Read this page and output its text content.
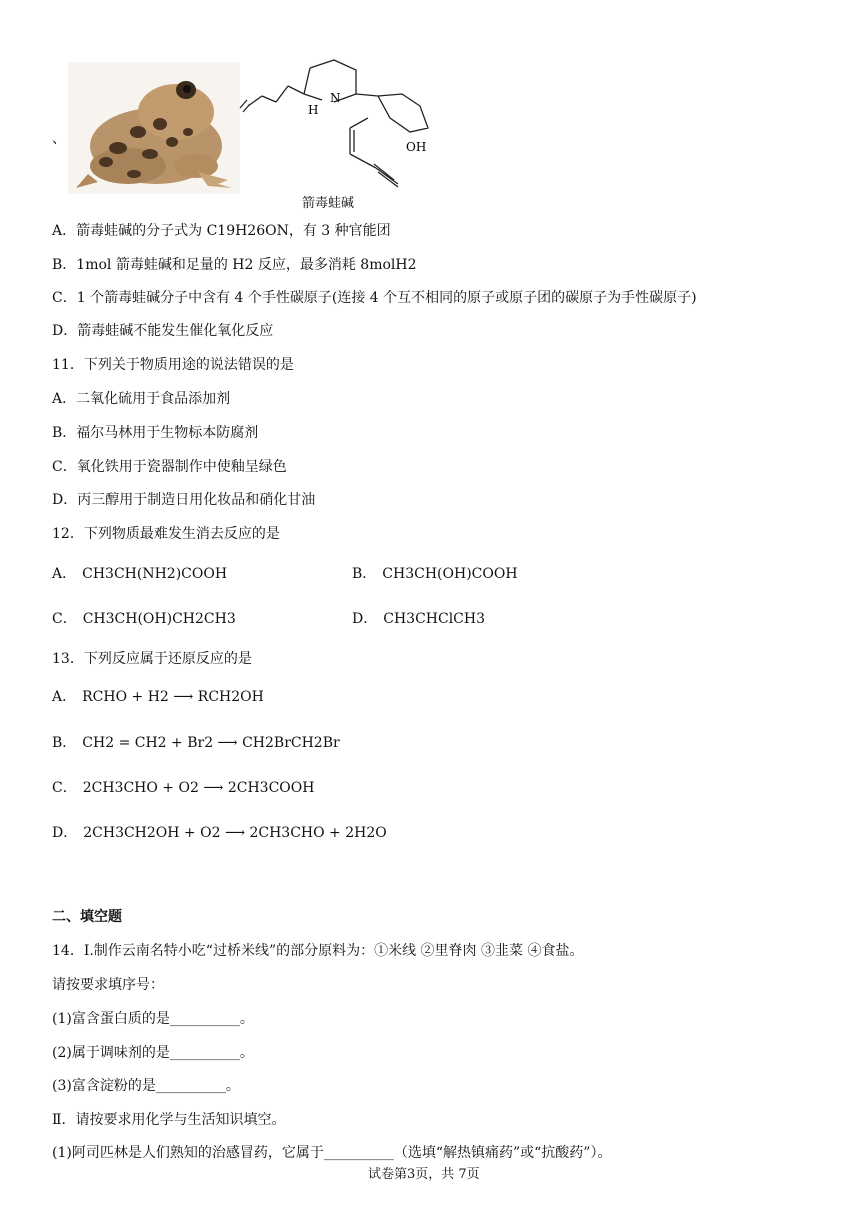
、
H
N
OH
箭毒蛙碱
A．箭毒蛙碱的分子式为 C19H26ON，有 3 种官能团
B．1mol 箭毒蛙碱和足量的 H2 反应，最多消耗 8molH2
C．1 个箭毒蛙碱分子中含有 4 个手性碳原子(连接 4 个互不相同的原子或原子团的碳原子为手性碳原子)
D．箭毒蛙碱不能发生催化氧化反应
11．下列关于物质用途的说法错误的是
A．二氧化硫用于食品添加剂
B．福尔马林用于生物标本防腐剂
C．氧化铁用于瓷器制作中使釉呈绿色
D．丙三醇用于制造日用化妆品和硝化甘油
12．下列物质最难发生消去反应的是
A． CH3CH(NH2)COOH	B． CH3CH(OH)COOH
C． CH3CH(OH)CH2CH3	D． CH3CHClCH3
13．下列反应属于还原反应的是
A． RCHO + H2 ⟶ RCH2OH
B． CH2 = CH2 + Br2 ⟶ CH2BrCH2Br
C． 2CH3CHO + O2 ⟶ 2CH3COOH
D． 2CH3CH2OH + O2 ⟶ 2CH3CHO + 2H2O
二、填空题
14．Ⅰ.制作云南名特小吃“过桥米线”的部分原料为：①米线 ②里脊肉 ③韭菜 ④食盐。
请按要求填序号：
(1)富含蛋白质的是__________。
(2)属于调味剂的是__________。
(3)富含淀粉的是__________。
Ⅱ．请按要求用化学与生活知识填空。
(1)阿司匹林是人们熟知的治感冒药，它属于__________（选填“解热镇痛药”或“抗酸药”）。
试卷第3页，共 7页
